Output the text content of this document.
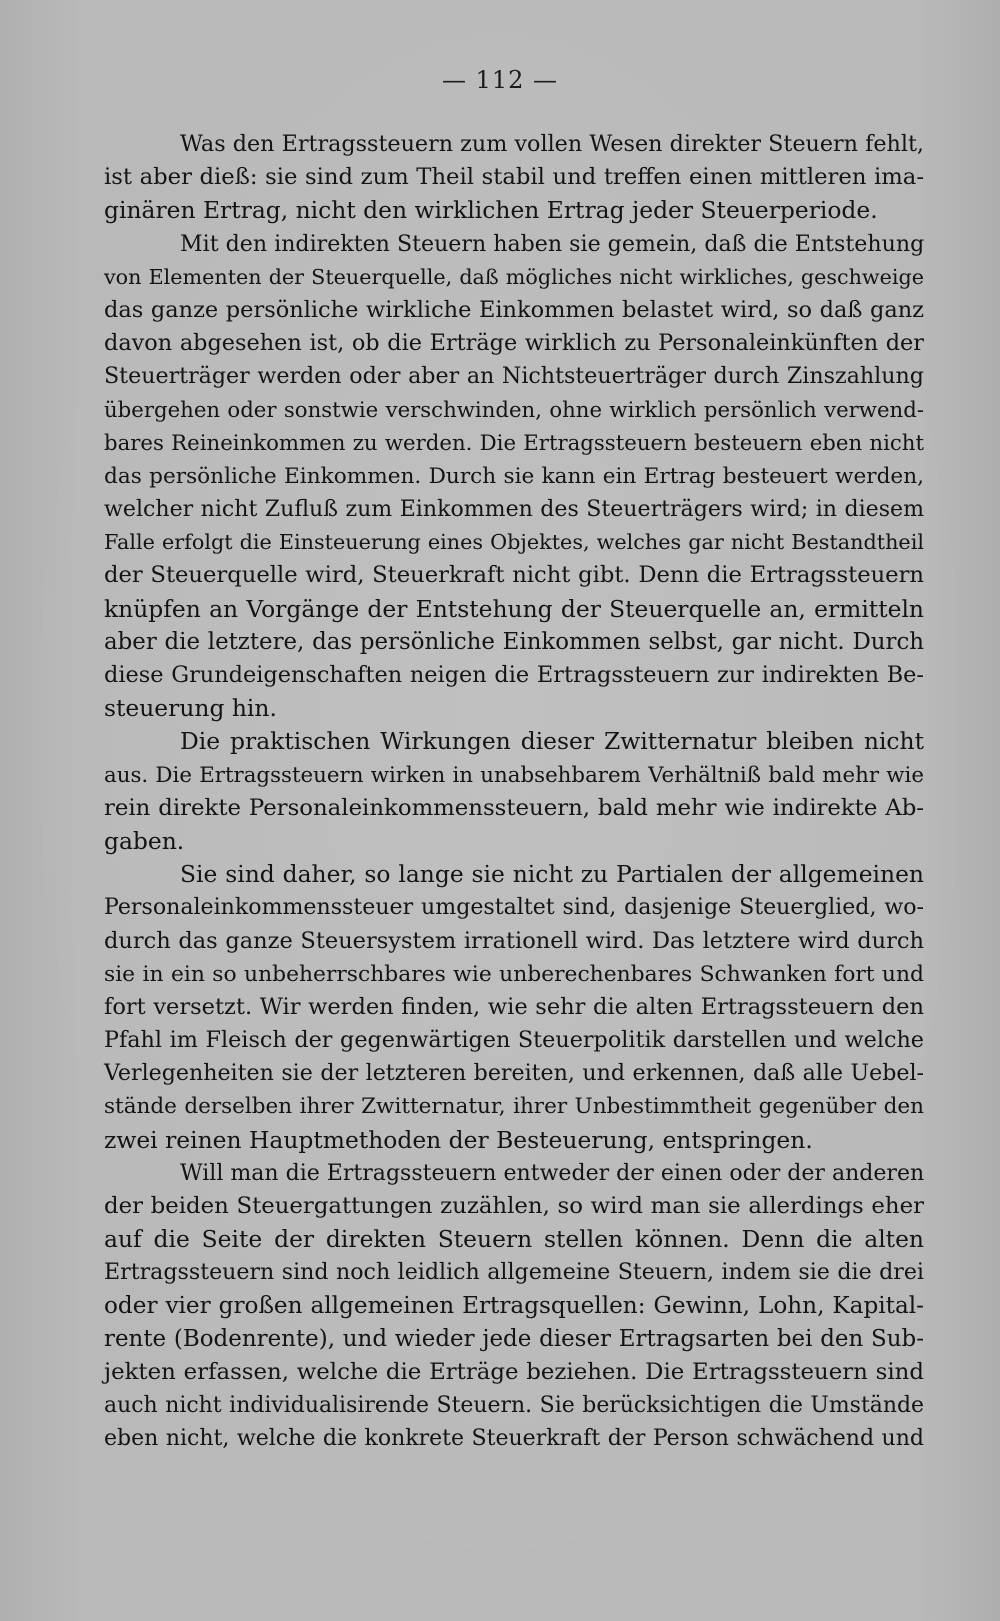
— 112 —
Was den Ertragssteuern zum vollen Wesen direkter Steuern fehlt,
ist aber dieß: sie sind zum Theil stabil und treffen einen mittleren ima-
ginären Ertrag, nicht den wirklichen Ertrag jeder Steuerperiode.
Mit den indirekten Steuern haben sie gemein, daß die Entstehung
von Elementen der Steuerquelle, daß mögliches nicht wirkliches, geschweige
das ganze persönliche wirkliche Einkommen belastet wird, so daß ganz
davon abgesehen ist, ob die Erträge wirklich zu Personaleinkünften der
Steuerträger werden oder aber an Nichtsteuerträger durch Zinszahlung
übergehen oder sonstwie verschwinden, ohne wirklich persönlich verwend-
bares Reineinkommen zu werden. Die Ertragssteuern besteuern eben nicht
das persönliche Einkommen. Durch sie kann ein Ertrag besteuert werden,
welcher nicht Zufluß zum Einkommen des Steuerträgers wird; in diesem
Falle erfolgt die Einsteuerung eines Objektes, welches gar nicht Bestandtheil
der Steuerquelle wird, Steuerkraft nicht gibt. Denn die Ertragssteuern
knüpfen an Vorgänge der Entstehung der Steuerquelle an, ermitteln
aber die letztere, das persönliche Einkommen selbst, gar nicht. Durch
diese Grundeigenschaften neigen die Ertragssteuern zur indirekten Be-
steuerung hin.
Die praktischen Wirkungen dieser Zwitternatur bleiben nicht
aus. Die Ertragssteuern wirken in unabsehbarem Verhältniß bald mehr wie
rein direkte Personaleinkommenssteuern, bald mehr wie indirekte Ab-
gaben.
Sie sind daher, so lange sie nicht zu Partialen der allgemeinen
Personaleinkommenssteuer umgestaltet sind, dasjenige Steuerglied, wo-
durch das ganze Steuersystem irrationell wird. Das letztere wird durch
sie in ein so unbeherrschbares wie unberechenbares Schwanken fort und
fort versetzt. Wir werden finden, wie sehr die alten Ertragssteuern den
Pfahl im Fleisch der gegenwärtigen Steuerpolitik darstellen und welche
Verlegenheiten sie der letzteren bereiten, und erkennen, daß alle Uebel-
stände derselben ihrer Zwitternatur, ihrer Unbestimmtheit gegenüber den
zwei reinen Hauptmethoden der Besteuerung, entspringen.
Will man die Ertragssteuern entweder der einen oder der anderen
der beiden Steuergattungen zuzählen, so wird man sie allerdings eher
auf die Seite der direkten Steuern stellen können. Denn die alten
Ertragssteuern sind noch leidlich allgemeine Steuern, indem sie die drei
oder vier großen allgemeinen Ertragsquellen: Gewinn, Lohn, Kapital-
rente (Bodenrente), und wieder jede dieser Ertragsarten bei den Sub-
jekten erfassen, welche die Erträge beziehen. Die Ertragssteuern sind
auch nicht individualisirende Steuern. Sie berücksichtigen die Umstände
eben nicht, welche die konkrete Steuerkraft der Person schwächend und
